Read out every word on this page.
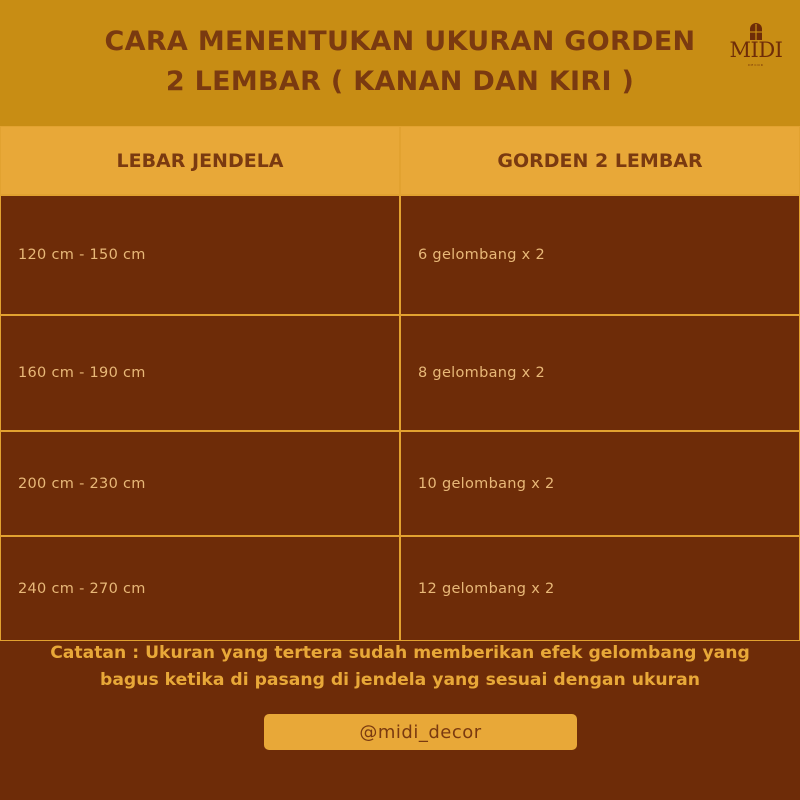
CARA MENENTUKAN UKURAN GORDEN
2 LEMBAR ( KANAN DAN KIRI )
MIDI
DECOR
LEBAR JENDELA	GORDEN 2 LEMBAR
120 cm - 150 cm	6 gelombang x 2
160 cm - 190 cm	8 gelombang x 2
200 cm - 230 cm	10 gelombang x 2
240 cm - 270 cm	12 gelombang x 2
Catatan : Ukuran yang tertera sudah memberikan efek gelombang yang
bagus ketika di pasang di jendela yang sesuai dengan ukuran
@midi_decor
